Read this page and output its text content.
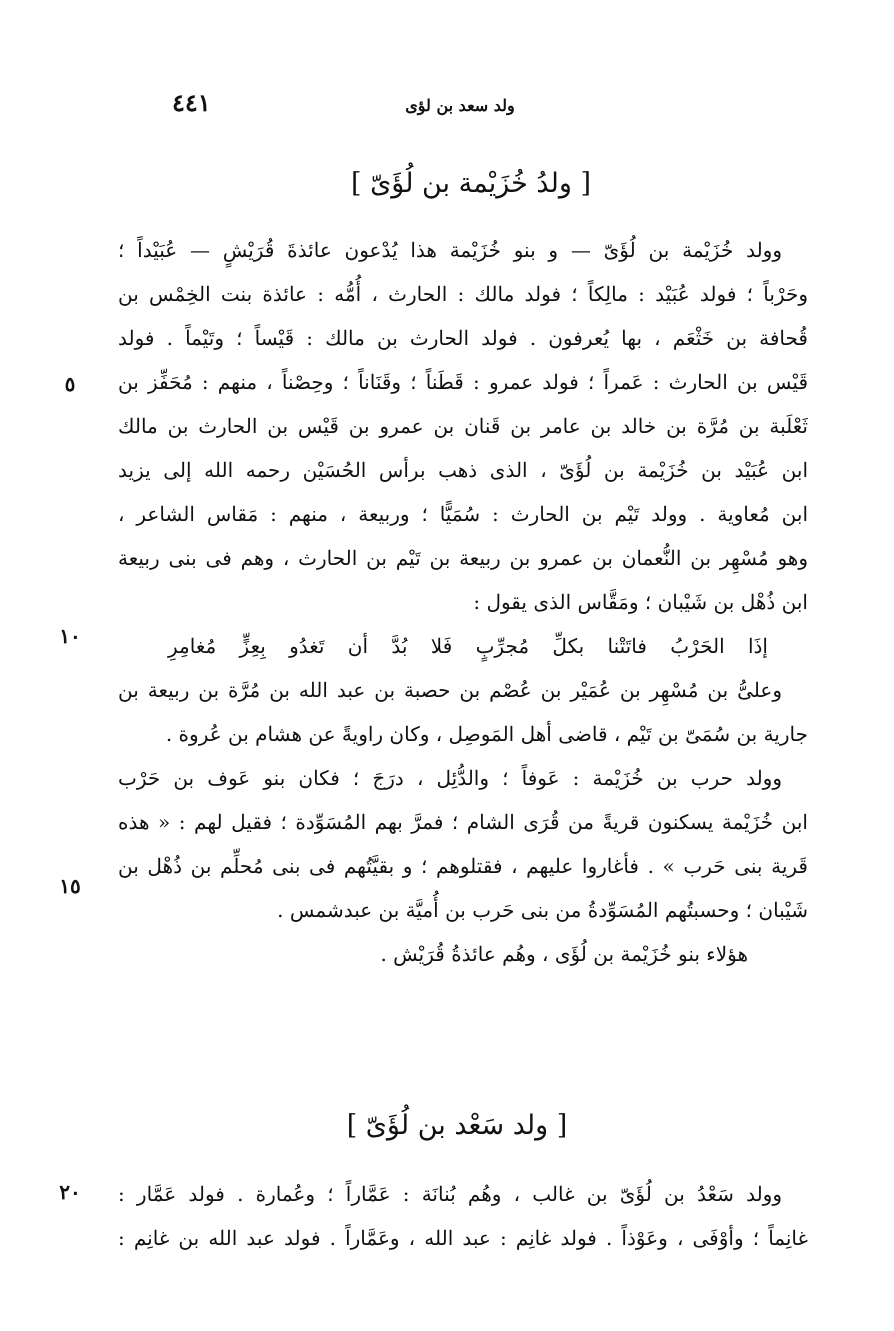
٤٤١	ولد سعد بن لؤى
[ ولدُ خُزَيْمة بن لُؤَىّ ]
وولد خُزَيْمة بن لُؤَىّ — و بنو خُزَيْمة هذا يُدْعون عائذةَ قُرَيْشٍ — عُبَيْداً ؛
وحَرْباً ؛ فولد عُبَيْد : مالِكاً ؛ فولد مالك : الحارث ، أُمُّه : عائذة بنت الخِمْس بن
قُحافة بن خَثْعَم ، بها يُعرفون . فولد الحارث بن مالك : قَيْساً ؛ وتَيْماً . فولد
قَيْس بن الحارث : عَمراً ؛ فولد عمرو : قَطَناً ؛ وقَنَاناً ؛ وحِصْناً ، منهم : مُحَفِّز بن
ثَعْلَبة بن مُرَّة بن خالد بن عامر بن قَنان بن عمرو بن قَيْس بن الحارث بن مالك
ابن عُبَيْد بن خُزَيْمة بن لُؤَىّ ، الذى ذهب برأس الحُسَيْن رحمه الله إلى يزيد
ابن مُعاوية . وولد تَيْم بن الحارث : سُمَيًّا ؛ وربيعة ، منهم : مَقاس الشاعر ،
وهو مُسْهِر بن النُّعمان بن عمرو بن ربيعة بن تَيْم بن الحارث ، وهم فى بنى ربيعة
ابن ذُهْل بن شَيْبان ؛ ومَقَّاس الذى يقول :
إذَا الحَرْبُ فاتَتْنا بكلِّ مُجرِّبٍ فَلا بُدَّ أن تَغدُو بِعِزٍّ مُغامِرِ
وعلىُّ بن مُسْهِر بن عُمَيْر بن عُصْم بن حصبة بن عبد الله بن مُرَّة بن ربيعة بن
جارية بن سُمَىّ بن تَيْم ، قاضى أهل المَوصِل ، وكان راويةً عن هشام بن عُروة .
وولد حرب بن خُزَيْمة : عَوفاً ؛ والدُّئِل ، درَجَ ؛ فكان بنو عَوف بن حَرْب
ابن خُزَيْمة يسكنون قريةً من قُرَى الشام ؛ فمرَّ بهم المُسَوِّدة ؛ فقيل لهم : « هذه
قَرية بنى حَرب » . فأغاروا عليهم ، فقتلوهم ؛ و بقيَّتُهم فى بنى مُحلِّم بن ذُهْل بن
شَيْبان ؛ وحسبتُهم المُسَوِّدةُ من بنى حَرب بن أُميَّة بن عبدشمس .
هؤلاء بنو خُزَيْمة بن لُؤَى ، وهُم عائذةُ قُرَيْش .
[ ولد سَعْد بن لُؤَىّ ]
وولد سَعْدُ بن لُؤَىّ بن غالب ، وهُم بُنانَة : عَمَّاراً ؛ وعُمارة . فولد عَمَّار :
غانِماً ؛ وأوْفَى ، وعَوْذاً . فولد غانِم : عبد الله ، وعَمَّاراً . فولد عبد الله بن غانِم :
٥
١٠
١٥
٢٠
